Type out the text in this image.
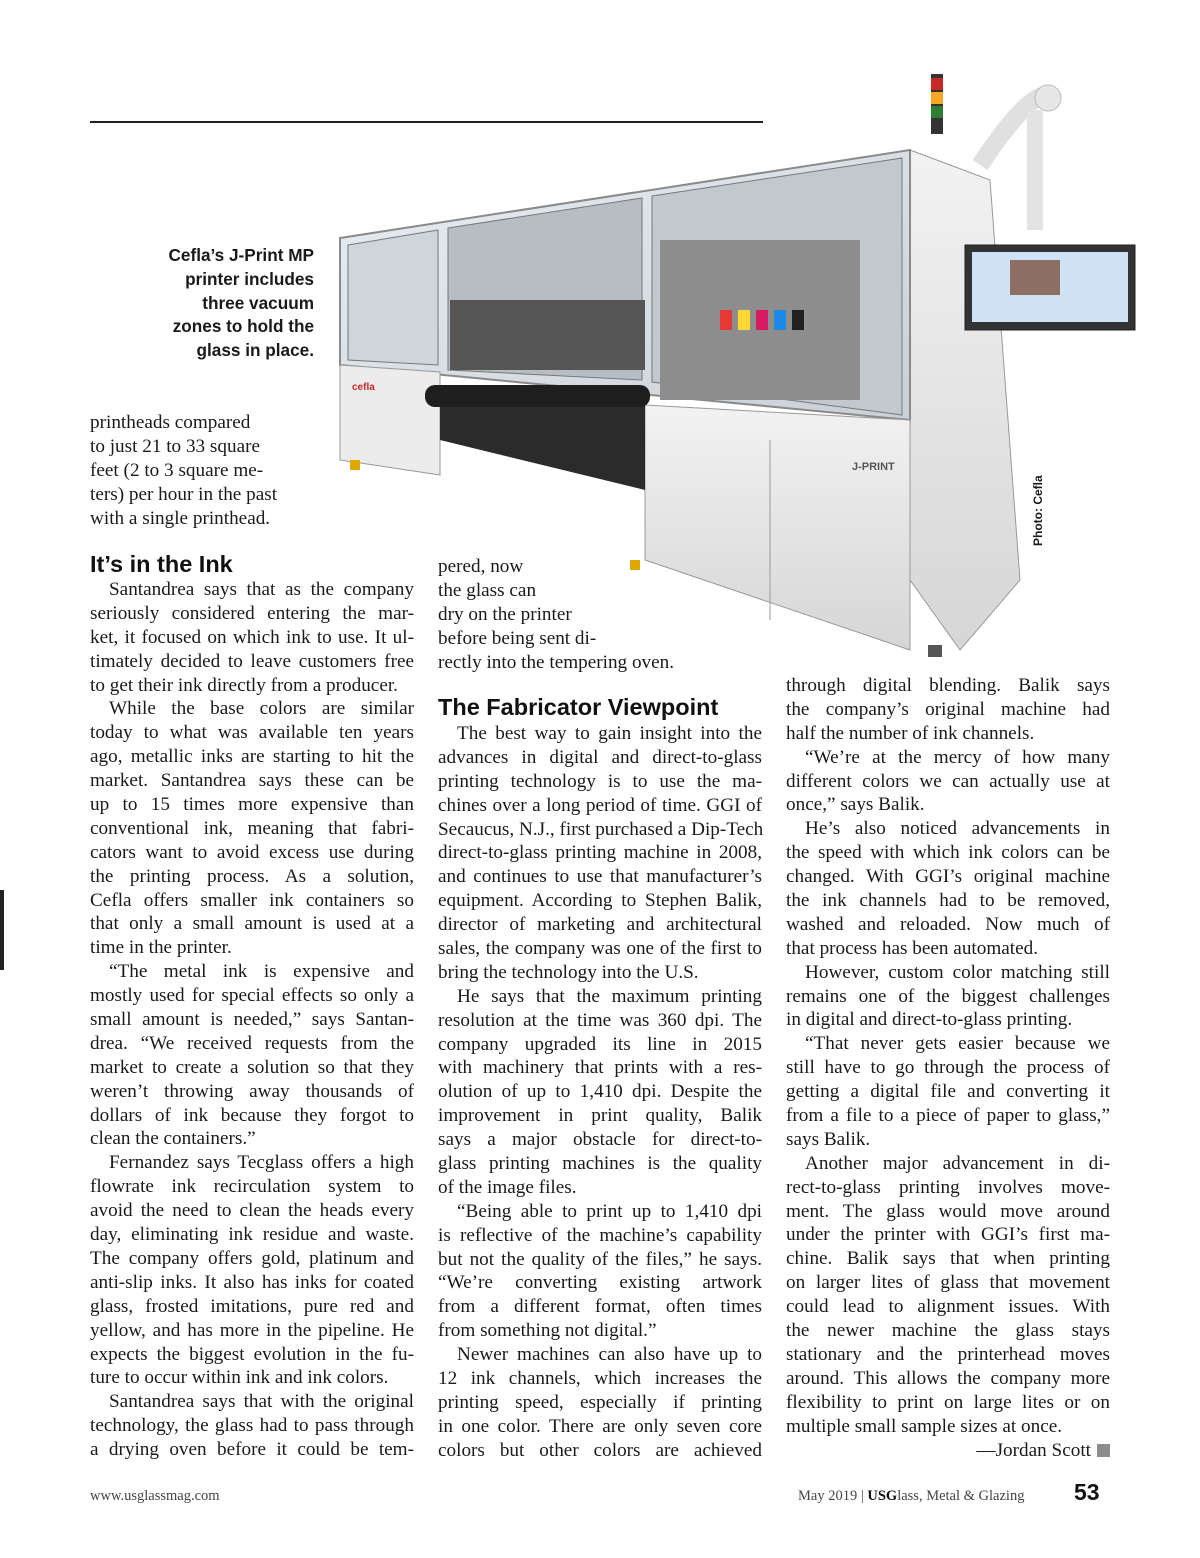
cefla
J-PRINT
Cefla’s J-Print MP
printer includes
three vacuum
zones to hold the
glass in place.
Photo: Cefla
printheads compared
to just 21 to 33 square
feet (2 to 3 square me-
ters) per hour in the past
with a single printhead.
It’s in the Ink
Santandrea says that as the company
seriously considered entering the mar-
ket, it focused on which ink to use. It ul-
timately decided to leave customers free
to get their ink directly from a producer.
While the base colors are similar
today to what was available ten years
ago, metallic inks are starting to hit the
market. Santandrea says these can be
up to 15 times more expensive than
conventional ink, meaning that fabri-
cators want to avoid excess use during
the printing process. As a solution,
Cefla offers smaller ink containers so
that only a small amount is used at a
time in the printer.
“The metal ink is expensive and
mostly used for special effects so only a
small amount is needed,” says Santan-
drea. “We received requests from the
market to create a solution so that they
weren’t throwing away thousands of
dollars of ink because they forgot to
clean the containers.”
Fernandez says Tecglass offers a high
flowrate ink recirculation system to
avoid the need to clean the heads every
day, eliminating ink residue and waste.
The company offers gold, platinum and
anti-slip inks. It also has inks for coated
glass, frosted imitations, pure red and
yellow, and has more in the pipeline. He
expects the biggest evolution in the fu-
ture to occur within ink and ink colors.
Santandrea says that with the original
technology, the glass had to pass through
a drying oven before it could be tem-
pered, now
the glass can
dry on the printer
before being sent di-
rectly into the tempering oven.
The Fabricator Viewpoint
The best way to gain insight into the
advances in digital and direct-to-glass
printing technology is to use the ma-
chines over a long period of time. GGI of
Secaucus, N.J., first purchased a Dip-Tech
direct-to-glass printing machine in 2008,
and continues to use that manufacturer’s
equipment. According to Stephen Balik,
director of marketing and architectural
sales, the company was one of the first to
bring the technology into the U.S.
He says that the maximum printing
resolution at the time was 360 dpi. The
company upgraded its line in 2015
with machinery that prints with a res-
olution of up to 1,410 dpi. Despite the
improvement in print quality, Balik
says a major obstacle for direct-to-
glass printing machines is the quality
of the image files.
“Being able to print up to 1,410 dpi
is reflective of the machine’s capability
but not the quality of the files,” he says.
“We’re converting existing artwork
from a different format, often times
from something not digital.”
Newer machines can also have up to
12 ink channels, which increases the
printing speed, especially if printing
in one color. There are only seven core
colors but other colors are achieved
through digital blending. Balik says
the company’s original machine had
half the number of ink channels.
“We’re at the mercy of how many
different colors we can actually use at
once,” says Balik.
He’s also noticed advancements in
the speed with which ink colors can be
changed. With GGI’s original machine
the ink channels had to be removed,
washed and reloaded. Now much of
that process has been automated.
However, custom color matching still
remains one of the biggest challenges
in digital and direct-to-glass printing.
“That never gets easier because we
still have to go through the process of
getting a digital file and converting it
from a file to a piece of paper to glass,”
says Balik.
Another major advancement in di-
rect-to-glass printing involves move-
ment. The glass would move around
under the printer with GGI’s first ma-
chine. Balik says that when printing
on larger lites of glass that movement
could lead to alignment issues. With
the newer machine the glass stays
stationary and the printerhead moves
around. This allows the company more
flexibility to print on large lites or on
multiple small sample sizes at once.
—Jordan Scott
www.usglassmag.com	May 2019 | USGlass, Metal & Glazing 53
